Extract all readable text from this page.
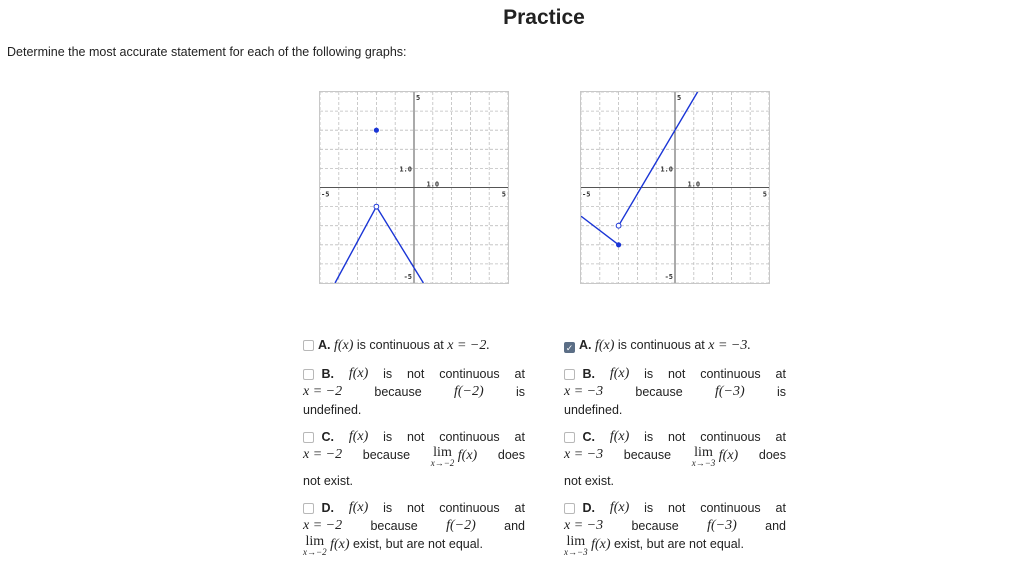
Practice
Determine the most accurate statement for each of the following graphs:
5
-5
-5	5
1.0
1.0
5
-5
-5	5
1.0
1.0
A. f(x) is continuous at x = −2.
B. f(x) is not continuous at
x = −2	because f(−2)	is
undefined.
C. f(x) is not continuous at
x = −2 because lim
x→−2 f(x) does
not exist.
D. f(x) is not continuous at
x = −2 because f(−2) and
lim
x→−2 f(x) exist, but are not equal.
✓ A. f(x) is continuous at x = −3.
B. f(x) is not continuous at
x = −3	because f(−3)	is
undefined.
C. f(x) is not continuous at
x = −3 because lim
x→−3 f(x) does
not exist.
D. f(x) is not continuous at
x = −3 because f(−3) and
lim
x→−3 f(x) exist, but are not equal.
